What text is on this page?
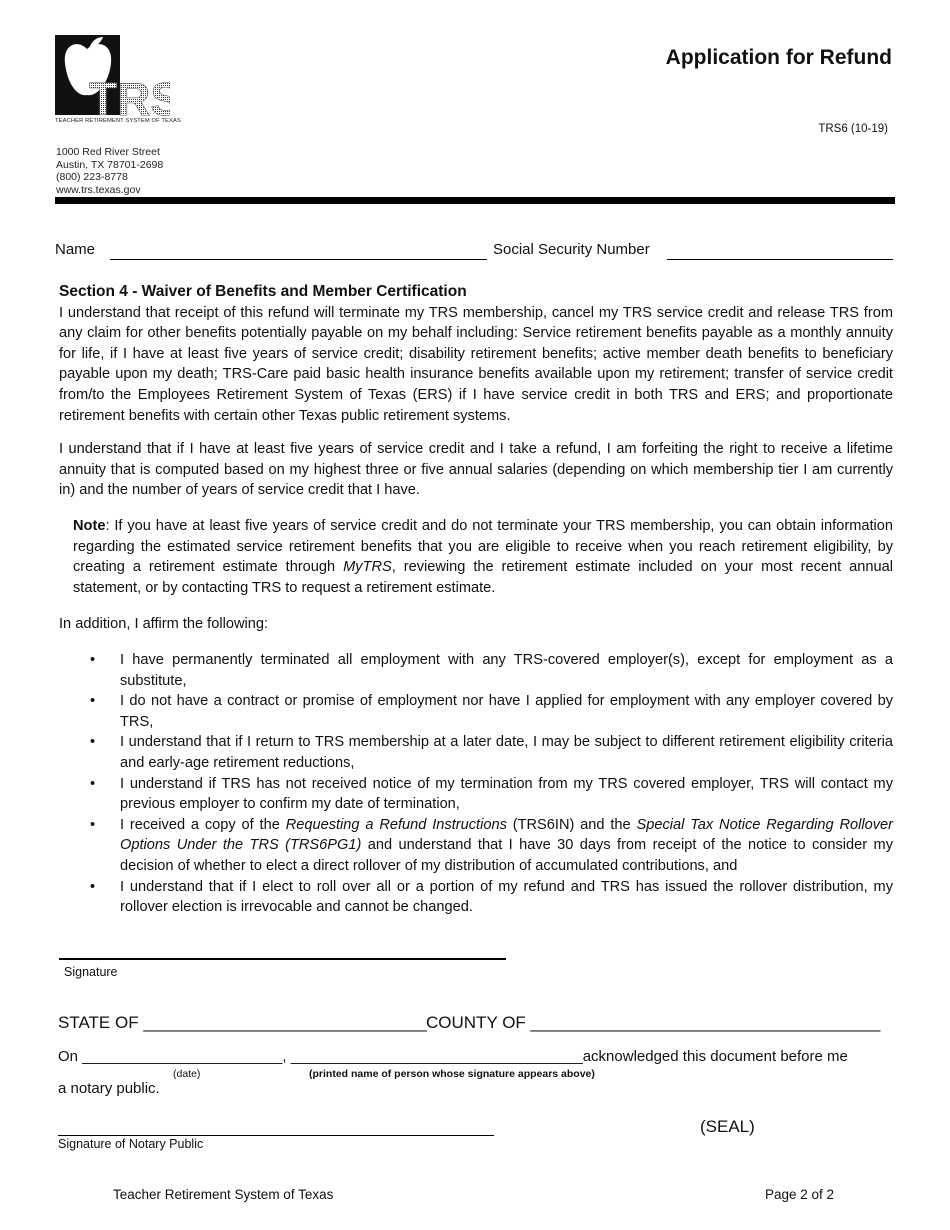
TRS
TEACHER RETIREMENT SYSTEM OF TEXAS
1000 Red River Street
Austin, TX 78701-2698
(800) 223-8778
www.trs.texas.gov
Application for Refund
TRS6 (10-19)
Name	Social Security Number
Section 4 - Waiver of Benefits and Member Certification
I understand that receipt of this refund will terminate my TRS membership, cancel my TRS service credit and release TRS from any claim for other benefits potentially payable on my behalf including: Service retirement benefits payable as a monthly annuity for life, if I have at least five years of service credit; disability retirement benefits; active member death benefits to beneficiary payable upon my death; TRS-Care paid basic health insurance benefits available upon my retirement; transfer of service credit from/to the Employees Retirement System of Texas (ERS) if I have service credit in both TRS and ERS; and proportionate retirement benefits with certain other Texas public retirement systems.
I understand that if I have at least five years of service credit and I take a refund, I am forfeiting the right to receive a lifetime annuity that is computed based on my highest three or five annual salaries (depending on which membership tier I am currently in) and the number of years of service credit that I have.
Note: If you have at least five years of service credit and do not terminate your TRS membership, you can obtain information regarding the estimated service retirement benefits that you are eligible to receive when you reach retirement eligibility, by creating a retirement estimate through MyTRS, reviewing the retirement estimate included on your most recent annual statement, or by contacting TRS to request a retirement estimate.
In addition, I affirm the following:
• I have permanently terminated all employment with any TRS-covered employer(s), except for employment as a substitute,
• I do not have a contract or promise of employment nor have I applied for employment with any employer covered by TRS,
• I understand that if I return to TRS membership at a later date, I may be subject to different retirement eligibility criteria and early-age retirement reductions,
• I understand if TRS has not received notice of my termination from my TRS covered employer, TRS will contact my previous employer to confirm my date of termination,
• I received a copy of the Requesting a Refund Instructions (TRS6IN) and the Special Tax Notice Regarding Rollover Options Under the TRS (TRS6PG1) and understand that I have 30 days from receipt of the notice to consider my decision of whether to elect a direct rollover of my distribution of accumulated contributions, and
• I understand that if I elect to roll over all or a portion of my refund and TRS has issued the rollover distribution, my rollover election is irrevocable and cannot be changed.
Signature
STATE OF ______________________________ COUNTY OF _____________________________________
On ________________________, ___________________________________acknowledged this document before me
(date)	(printed name of person whose signature appears above)
a notary public.
(SEAL)
Signature of Notary Public
Teacher Retirement System of Texas	Page 2 of 2
